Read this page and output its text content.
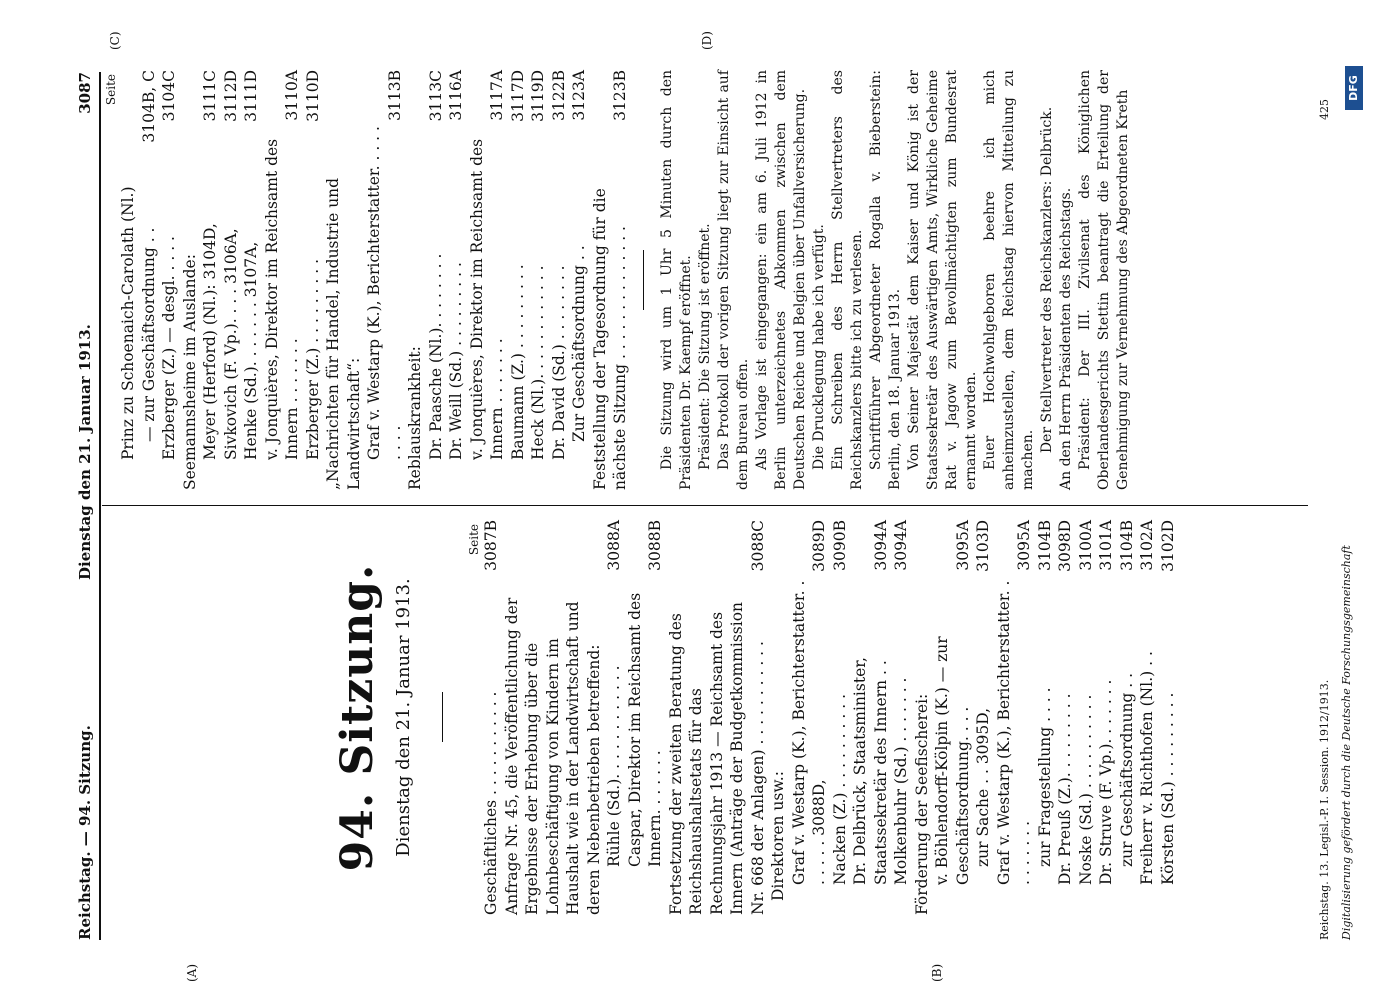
Reichstag. — 94. Sitzung.
Dienstag den 21. Januar 1913.
3087
(A)	(B)
(C)	(D)
94. Sitzung. Dienstag den 21. Januar 1913.
Seite
Geschäftliches . . . . . . . . . . .
3087B
Anfrage Nr. 45, die Veröffentlichung der Ergebnisse der Erhebung über die Lohnbeschäftigung von Kindern im Haushalt wie in der Landwirtschaft und deren Nebenbetrieben betreffend: Rühle (Sd.). . . . . . . . . . . .
3088A
Caspar, Direktor im Reichsamt des Innern. . . . . . .
3088B
Fortsetzung der zweiten Beratung des Reichshaushaltsetats für das Rechnungsjahr 1913 — Reichsamt des Innern (Anträge der Budgetkommission Nr. 668 der Anlagen) . . . . . . . . . . .
3088C
Direktoren usw.: Graf v. Westarp (K.), Berichterstatter. . . . . . . 3088D,
3089D
Nacken (Z.) . . . . . . . . . .
3090B
Dr. Delbrück, Staatsminister, Staatssekretär des Innern . .
3094A
Molkenbuhr (Sd.) . . . . . . .
3094A
Förderung der Seefischerei: v. Böhlendorff-Kölpin (K.) — zur Geschäftsordnung. . . .
3095A
zur Sache . . 3095D,
3103D
Graf v. Westarp (K.), Berichterstatter. . . . . . . . .
3095A
zur Fragestellung . . . .
3104B
Dr. Preuß (Z.). . . . . . . . .
3098D
Noske (Sd.) . . . . . . . . . .
3100A
Dr. Struve (F. Vp.). . . . . . .
3101A
zur Geschäftsordnung . .
3104B
Freiherr v. Richthofen (Nl.) . .
3102A
Körsten (Sd.) . . . . . . . . .
3102D
Seite
Prinz zu Schoenaich-Carolath (Nl.) — zur Geschäftsordnung . .
3104B, C
Erzberger (Z.) — desgl. . . . .
3104C
Seemannsheime im Auslande: Meyer (Herford) (Nl.): 3104D,
3111C
Sivkovich (F. Vp.). . . . 3106A,
3112D
Henke (Sd.). . . . . . . 3107A,
3111D
v. Jonquières, Direktor im Reichsamt des Innern . . . . . . .
3110A
Erzberger (Z.) . . . . . . . . .
3110D
„Nachrichten für Handel, Industrie und Landwirtschaft“: Graf v. Westarp (K.), Berichterstatter. . . . . . . . .
3113B
Reblauskrankheit: Dr. Paasche (Nl.). . . . . . . .
3113C
Dr. Weill (Sd.) . . . . . . . . .
3116A
v. Jonquières, Direktor im Reichsamt des Innern . . . . . . .
3117A
Baumann (Z.) . . . . . . . . .
3117D
Heck (Nl.). . . . . . . . . . . .
3119D
Dr. David (Sd.) . . . . . . . .
3122B
Zur Geschäftsordnung . .
3123A
Feststellung der Tagesordnung für die nächste Sitzung . . . . . . . . . . . . . .
3123B Die Sitzung wird um 1 Uhr 5 Minuten durch den Präsidenten Dr. Kaempf eröffnet. Präsident: Die Sitzung ist eröffnet. Das Protokoll der vorigen Sitzung liegt zur Einsicht auf dem Bureau offen. Als Vorlage ist eingegangen: ein am 6. Juli 1912 in Berlin unterzeichnetes Abkommen zwischen dem Deutschen Reiche und Belgien über Unfallversicherung. Die Drucklegung habe ich verfügt. Ein Schreiben des Herrn Stellvertreters des Reichskanzlers bitte ich zu verlesen. Schriftführer Abgeordneter Rogalla v. Bieberstein: Berlin, den 18. Januar 1913. Von Seiner Majestät dem Kaiser und König ist der Staatssekretär des Auswärtigen Amts, Wirkliche Geheime Rat v. Jagow zum Bevollmächtigten zum Bundesrat ernannt worden. Euer Hochwohlgeboren beehre ich mich anheimzustellen, dem Reichstag hiervon Mitteilung zu machen.
Der Stellvertreter des Reichskanzlers: Delbrück. An den Herrn Präsidenten des Reichstags. Präsident: Der III. Zivilsenat des Königlichen Oberlandesgerichts Stettin beantragt die Erteilung der Genehmigung zur Vernehmung des Abgeordneten Kreth
Reichstag. 13. Legisl.-P. I. Session. 1912/1913.
425
Digitalisierung gefördert durch die Deutsche Forschungsgemeinschaft
DFG
